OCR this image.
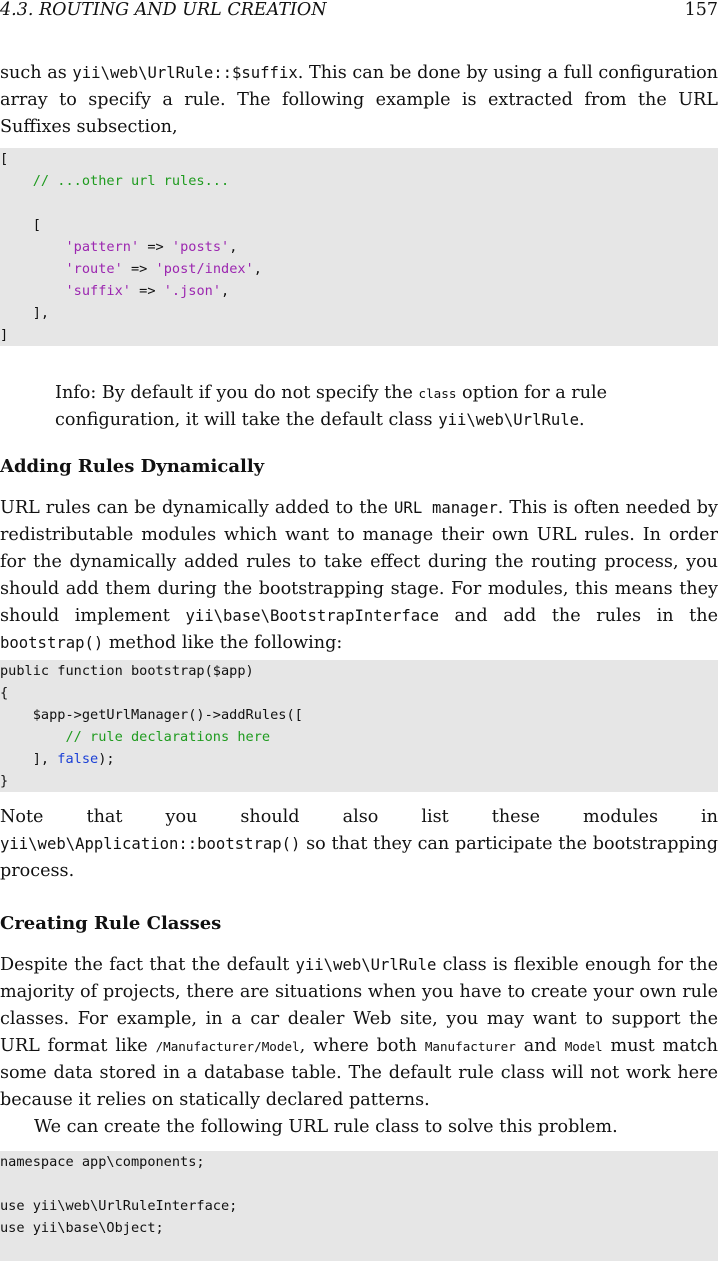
4.3. ROUTING AND URL CREATION	157

such as yii\web\UrlRule::$suffix. This can be done by using a full configuration array to specify a rule. The following example is extracted from the URL Suffixes subsection,

[
// ...other url rules...

[
'pattern' => 'posts',
'route' => 'post/index',
'suffix' => '.json',
],
]

Info: By default if you do not specify the class option for a rule configuration, it will take the default class yii\web\UrlRule.

Adding Rules Dynamically

URL rules can be dynamically added to the URL manager. This is often needed by redistributable modules which want to manage their own URL rules. In order for the dynamically added rules to take effect during the routing process, you should add them during the bootstrapping stage. For modules, this means they should implement yii\base\BootstrapInterface and add the rules in the bootstrap() method like the following:

public function bootstrap($app)
{
$app->getUrlManager()->addRules([
// rule declarations here
], false);
}

Note that you should also list these modules in yii\web\Application::bootstrap() so that they can participate the bootstrapping process.

Creating Rule Classes

Despite the fact that the default yii\web\UrlRule class is flexible enough for the majority of projects, there are situations when you have to create your own rule classes. For example, in a car dealer Web site, you may want to support the URL format like /Manufacturer/Model, where both Manufacturer and Model must match some data stored in a database table. The default rule class will not work here because it relies on statically declared patterns.

We can create the following URL rule class to solve this problem.

namespace app\components;

use yii\web\UrlRuleInterface;
use yii\base\Object;
